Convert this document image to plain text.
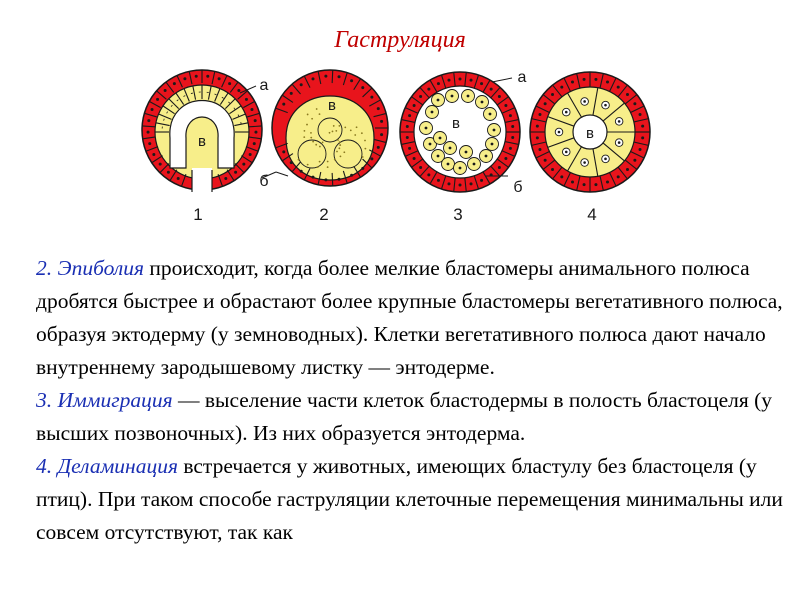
Гаструляция
в
в
в
в
а
б
а
б
1	2	3	4

2. Эпиболия происходит, когда более мелкие бластомеры анимального полюса дробятся быстрее и обрастают более крупные бластомеры вегетативного полюса, образуя эктодерму (у земноводных). Клетки вегетативного полюса дают начало внутреннему зародышевому листку — энтодерме.

3. Иммиграция — выселение части клеток бластодермы в полость бластоцеля (у высших позвоночных). Из них образуется энтодерма.

4. Деламинация встречается у животных, имеющих бластулу без бластоцеля (у птиц). При таком способе гаструляции клеточные перемещения минимальны или совсем отсутствуют, так как
